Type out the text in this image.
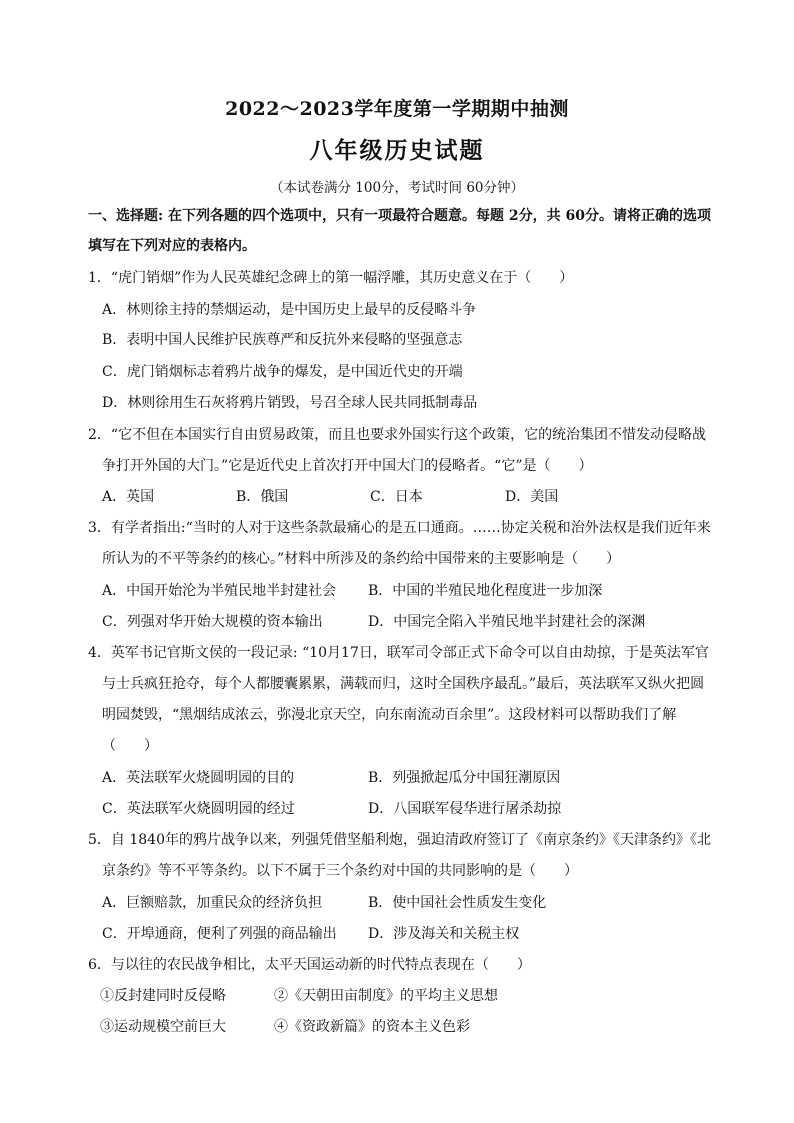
2022～2023学年度第一学期期中抽测
八年级历史试题
（本试卷满分 100分，考试时间 60分钟）
一、选择题: 在下列各题的四个选项中，只有一项最符合题意。每题 2分，共 60分。请将正确的选项
填写在下列对应的表格内。
1．“虎门销烟”作为人民英雄纪念碑上的第一幅浮雕，其历史意义在于（　　）
A．林则徐主持的禁烟运动，是中国历史上最早的反侵略斗争
B．表明中国人民维护民族尊严和反抗外来侵略的坚强意志
C．虎门销烟标志着鸦片战争的爆发，是中国近代史的开端
D．林则徐用生石灰将鸦片销毁，号召全球人民共同抵制毒品
2．“它不但在本国实行自由贸易政策，而且也要求外国实行这个政策，它的统治集团不惜发动侵略战
争打开外国的大门。”它是近代史上首次打开中国大门的侵略者。“它”是（　　）
A．英国	B．俄国	C．日本	D．美国
3．有学者指出:“当时的人对于这些条款最痛心的是五口通商。……协定关税和治外法权是我们近年来
所认为的不平等条约的核心。”材料中所涉及的条约给中国带来的主要影响是（　　）
A．中国开始沦为半殖民地半封建社会 B．中国的半殖民地化程度进一步加深
C．列强对华开始大规模的资本输出	D．中国完全陷入半殖民地半封建社会的深渊
4．英军书记官斯文侯的一段记录: “10月17日，联军司令部正式下命令可以自由劫掠，于是英法军官
与士兵疯狂抢夺，每个人都腰囊累累，满载而归，这时全国秩序最乱。”最后，英法联军又纵火把圆
明园焚毁，“黑烟结成浓云，弥漫北京天空，向东南流动百余里”。这段材料可以帮助我们了解
（　　）
A．英法联军火烧圆明园的目的	B．列强掀起瓜分中国狂潮原因
C．英法联军火烧圆明园的经过	D．八国联军侵华进行屠杀劫掠
5．自 1840年的鸦片战争以来，列强凭借坚船利炮，强迫清政府签订了《南京条约》《天津条约》《北
京条约》等不平等条约。以下不属于三个条约对中国的共同影响的是（　　）
A．巨额赔款，加重民众的经济负担	B．使中国社会性质发生变化
C．开埠通商，便利了列强的商品输出 D．涉及海关和关税主权
6．与以往的农民战争相比，太平天国运动新的时代特点表现在（　　）
①反封建同时反侵略	②《天朝田亩制度》的平均主义思想
③运动规模空前巨大	④《资政新篇》的资本主义色彩
